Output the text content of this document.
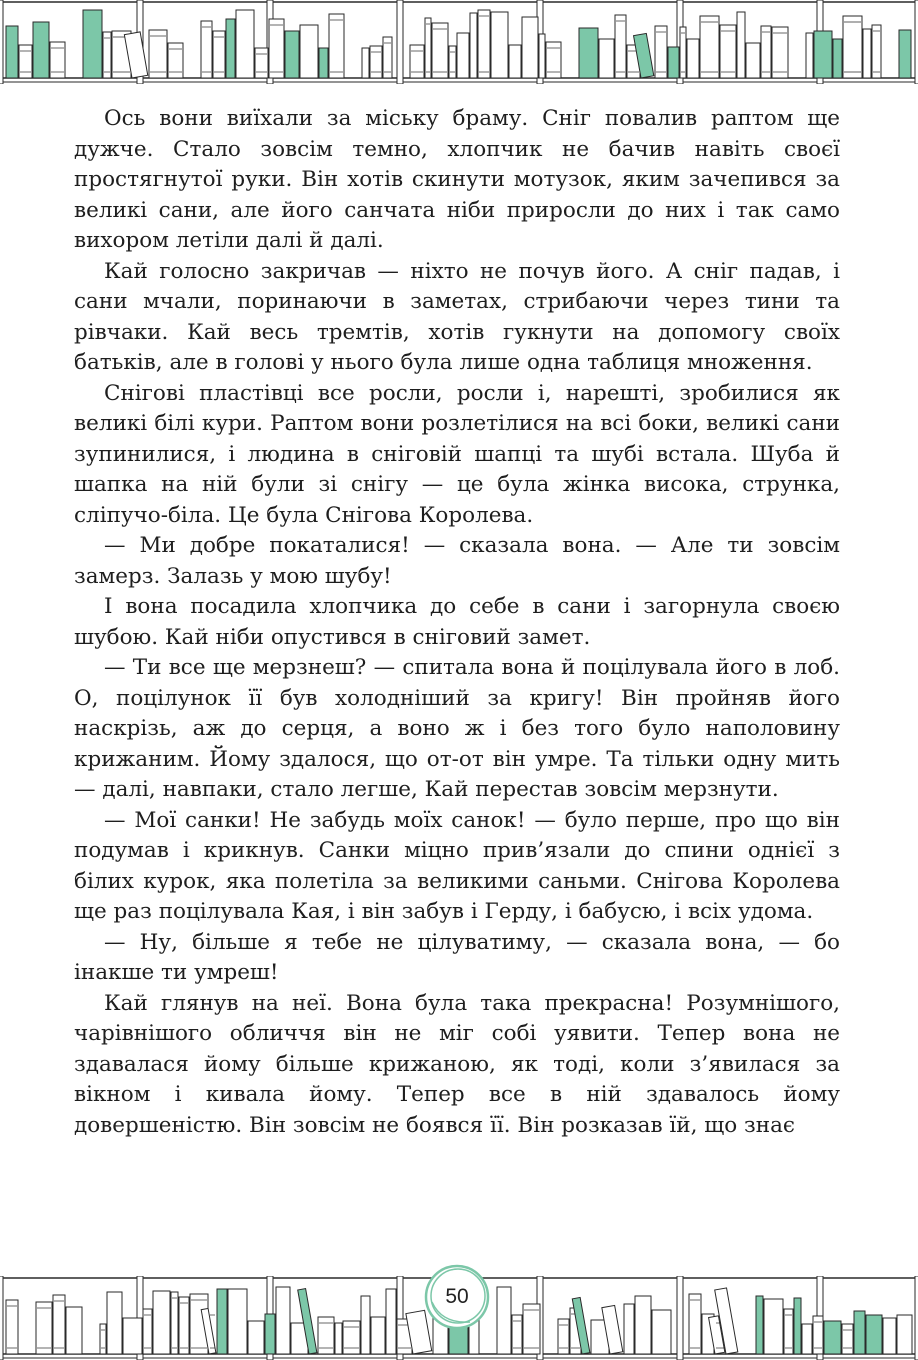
Ось вони виїхали за міську браму. Сніг повалив раптом ще дужче. Стало зовсім темно, хлопчик не бачив навіть своєї простягнутої руки. Він хотів скинути мотузок, яким зачепився за великі сани, але його санчата ніби приросли до них і так само вихором летіли далі й далі.

Кай голосно закричав — ніхто не почув його. А сніг падав, і сани мчали, поринаючи в заметах, стрибаючи через тини та рівчаки. Кай весь тремтів, хотів гукнути на допомогу своїх батьків, але в голові у нього була лише одна таблиця множення.

Снігові пластівці все росли, росли і, нарешті, зробилися як великі білі кури. Раптом вони розлетілися на всі боки, великі сани зупинилися, і людина в сніговій шапці та шубі встала. Шуба й шапка на ній були зі снігу — це була жінка висока, струнка, сліпучо-біла. Це була Снігова Королева.

— Ми добре покаталися! — сказала вона. — Але ти зовсім замерз. Залазь у мою шубу!

І вона посадила хлопчика до себе в сани і загорнула своєю шубою. Кай ніби опустився в сніговий замет.

— Ти все ще мерзнеш? — спитала вона й поцілувала його в лоб. О, поцілунок її був холодніший за кригу! Він пройняв його наскрізь, аж до серця, а воно ж і без того було наполовину крижаним. Йому здалося, що от-от він умре. Та тільки одну мить — далі, навпаки, стало легше, Кай перестав зовсім мерзнути.

— Мої санки! Не забудь моїх санок! — було перше, про що він подумав і крикнув. Санки міцно прив’язали до спини однієї з білих курок, яка полетіла за великими саньми. Снігова Королева ще раз поцілувала Кая, і він забув і Герду, і бабусю, і всіх удома.

— Ну, більше я тебе не цілуватиму, — сказала вона, — бо інакше ти умреш!

Кай глянув на неї. Вона була така прекрасна! Розумнішого, чарівнішого обличчя він не міг собі уявити. Тепер вона не здавалася йому більше крижаною, як тоді, коли з’явилася за вікном і кивала йому. Тепер все в ній здавалось йому довершеністю. Він зовсім не боявся її. Він розказав їй, що знає

50
